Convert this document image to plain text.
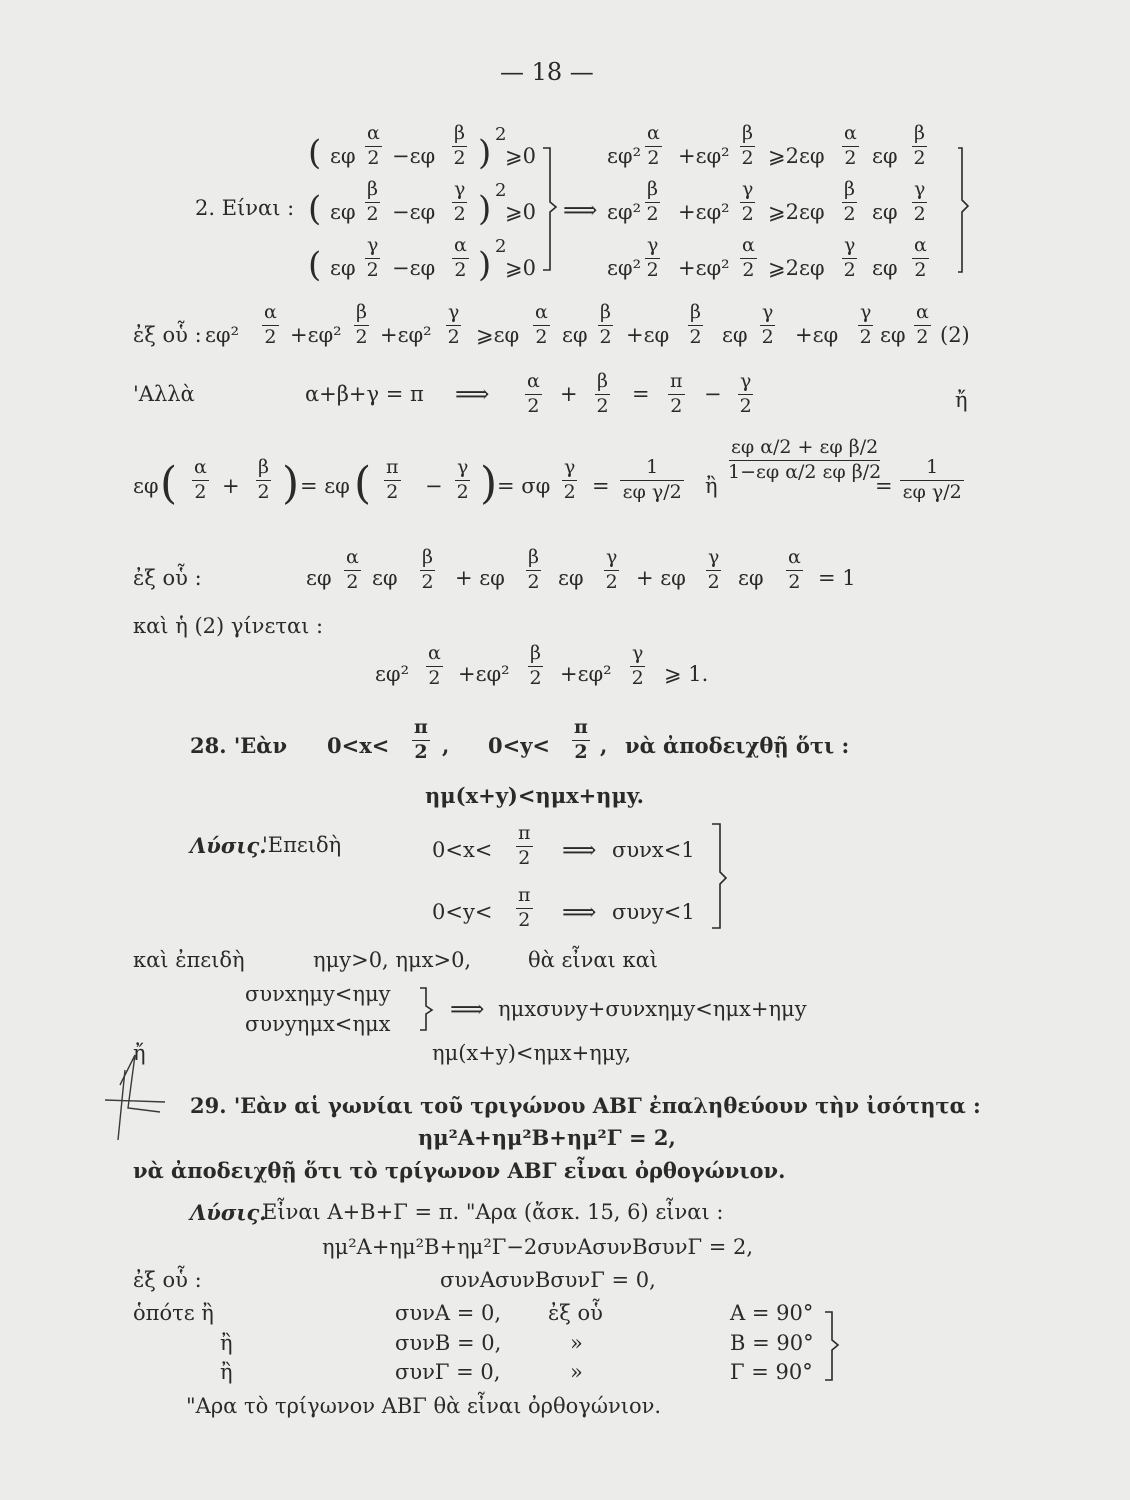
— 18 —
2. Είναι :
( εφ $\frac{\alpha}{2} -\varepsilon\varphi \frac{\beta}{2}$ ) 2
⩾0
( εφ $\frac{\beta}{2} -\varepsilon\varphi \frac{\gamma}{2}$ ) 2
⩾0
( εφ $\frac{\gamma}{2} -\varepsilon\varphi \frac{\alpha}{2}$ ) 2
⩾0
⟹
$\varepsilon\varphi^2 \frac{\alpha}{2} +\varepsilon\varphi^2 \frac{\beta}{2}$ ⩾2εφ $\frac{\alpha}{2}$ εφ $\frac{\beta}{2}$
$\varepsilon\varphi^2 \frac{\beta}{2} +\varepsilon\varphi^2 \frac{\gamma}{2}$ ⩾2εφ $\frac{\beta}{2}$ εφ $\frac{\gamma}{2}$
$\varepsilon\varphi^2 \frac{\gamma}{2} +\varepsilon\varphi^2 \frac{\alpha}{2}$ ⩾2εφ $\frac{\gamma}{2}$ εφ $\frac{\alpha}{2}$
ἐξ οὗ : $\varepsilon\varphi^2 \frac{\alpha}{2} +\varepsilon\varphi^2 \frac{\beta}{2} +\varepsilon\varphi^2 \frac{\gamma}{2}$ ⩾εφ $\frac{\alpha}{2}$ εφ $\frac{\beta}{2} +\varepsilon\varphi \frac{\beta}{2}$ εφ $\frac{\gamma}{2} +\varepsilon\varphi \frac{\gamma}{2}$ εφ $\frac{\alpha}{2} (2)$
'Αλλὰ	α+β+γ = π ⟹ $\frac{\alpha}{2} + \frac{\beta}{2} = \frac{\pi}{2} - \frac{\gamma}{2}$	ἤ
εφ ( $\frac{\alpha}{2} + \frac{\beta}{2}$ ) = εφ ( $\frac{\pi}{2} - \frac{\gamma}{2}$ ) = σφ $\frac{\gamma}{2} = \frac{1}{\text{εφ γ/2}}$ ἢ
$\frac{\text{εφ α/2 + εφ β/2}}{\text{1−εφ α/2 εφ β/2}}$
= $\frac{1}{\text{εφ γ/2}}$
ἐξ οὗ :	εφ $\frac{\alpha}{2}$ εφ $\frac{\beta}{2} + \varepsilon\varphi \frac{\beta}{2}$ εφ $\frac{\gamma}{2} + \varepsilon\varphi \frac{\gamma}{2}$ εφ $\frac{\alpha}{2} = 1$
καὶ ἡ (2) γίνεται :
$\varepsilon\varphi^2 \frac{\alpha}{2} +\varepsilon\varphi^2 \frac{\beta}{2} +\varepsilon\varphi^2 \frac{\gamma}{2}$ ⩾ 1.
28. 'Εὰν $0<x< \frac{\pi}{2}$ , $0<y< \frac{\pi}{2}$ , νὰ ἀποδειχθῇ ὅτι :
ημ(x+y)<ημx+ημy.
Λύσις.
'Επειδὴ	$0<x< \frac{\pi}{2}$ ⟹ συνx<1
$0<y< \frac{\pi}{2}$ ⟹ συνy<1
καὶ ἐπειδὴ	ημy>0, ημx>0,	θὰ εἶναι καὶ
συνxημy<ημy
συνyημx<ημx
⟹ ημxσυνy+συνxημy<ημx+ημy
ἤ	ημ(x+y)<ημx+ημy,
29. 'Εὰν αἱ γωνίαι τοῦ τριγώνου ΑΒΓ ἐπαληθεύουν τὴν ἰσότητα :
ημ²Α+ημ²Β+ημ²Γ = 2,
νὰ ἀποδειχθῇ ὅτι τὸ τρίγωνον ΑΒΓ εἶναι ὀρθογώνιον.
Λύσις.
Εἶναι Α+Β+Γ = π. "Αρα (ἄσκ. 15, 6) εἶναι :
ημ²Α+ημ²Β+ημ²Γ−2συνΑσυνΒσυνΓ = 2,
ἐξ οὗ :	συνΑσυνΒσυνΓ = 0,
ὁπότε ἢ	συνΑ = 0, ἐξ οὗ	Α = 90°
ἢ	συνΒ = 0,	»	Β = 90°
ἢ	συνΓ = 0,	»	Γ = 90°
"Αρα τὸ τρίγωνον ΑΒΓ θὰ εἶναι ὀρθογώνιον.
